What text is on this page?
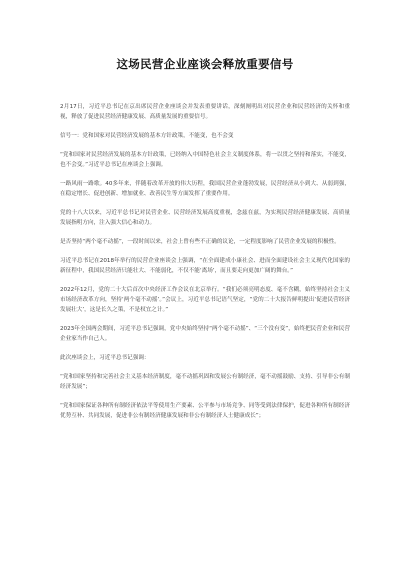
这场民营企业座谈会释放重要信号

2月17日，习近平总书记在京出席民营企业座谈会并发表重要讲话，深刻阐明出对民营企业和民营经济的关怀和重视，释放了促进民营经济健康发展、高质量发展的重要信号。

信号一：党和国家对民营经济发展的基本方针政策，不能变，也不会变

“党和国家对民营经济发展的基本方针政策，已经纳入中国特色社会主义制度体系，将一以贯之坚持和落实，不能变，也不会变。”习近平总书记在座谈会上强调。

一路风雨一路歌。40多年来，伴随着改革开放的伟大历程，我国民营企业蓬勃发展，民营经济从小到大、从弱到强，在稳定增长、促进创新、增加就业、改善民生等方面发挥了重要作用。

党的十八大以来，习近平总书记对民营企业、民营经济发展高度重视，念兹在兹，为实现民营经济健康发展、高质量发展指明方向，注入强大信心和动力。

是否坚持“两个毫不动摇”，一段时间以来，社会上曾有些不正确的议论，一定程度影响了民营企业发展的积极性。

习近平总书记在2018年举行的民营企业座谈会上强调，“在全面建成小康社会、进而全面建设社会主义现代化国家的新征程中，我国民营经济只能壮大、不能弱化，不仅不能‘离场’，而且要走向更加广阔的舞台。”

2022年12月，党的二十大后首次中央经济工作会议在北京举行。“我们必须亮明态度、毫不含糊，始终坚持社会主义市场经济改革方向，坚持‘两个毫不动摇’。”会议上，习近平总书记语气坚定，“党的二十大报告鲜明提出‘促进民营经济发展壮大’，这是长久之策，不是权宜之计。”

2023年全国两会期间，习近平总书记强调，党中央始终坚持“两个毫不动摇”、“三个没有变”，始终把民营企业和民营企业家当作自己人。

此次座谈会上，习近平总书记强调：

“党和国家坚持和完善社会主义基本经济制度，毫不动摇巩固和发展公有制经济，毫不动摇鼓励、支持、引导非公有制经济发展”；

“党和国家保证各种所有制经济依法平等使用生产要素、公平参与市场竞争、同等受到法律保护，促进各种所有制经济优势互补、共同发展，促进非公有制经济健康发展和非公有制经济人士健康成长”；
